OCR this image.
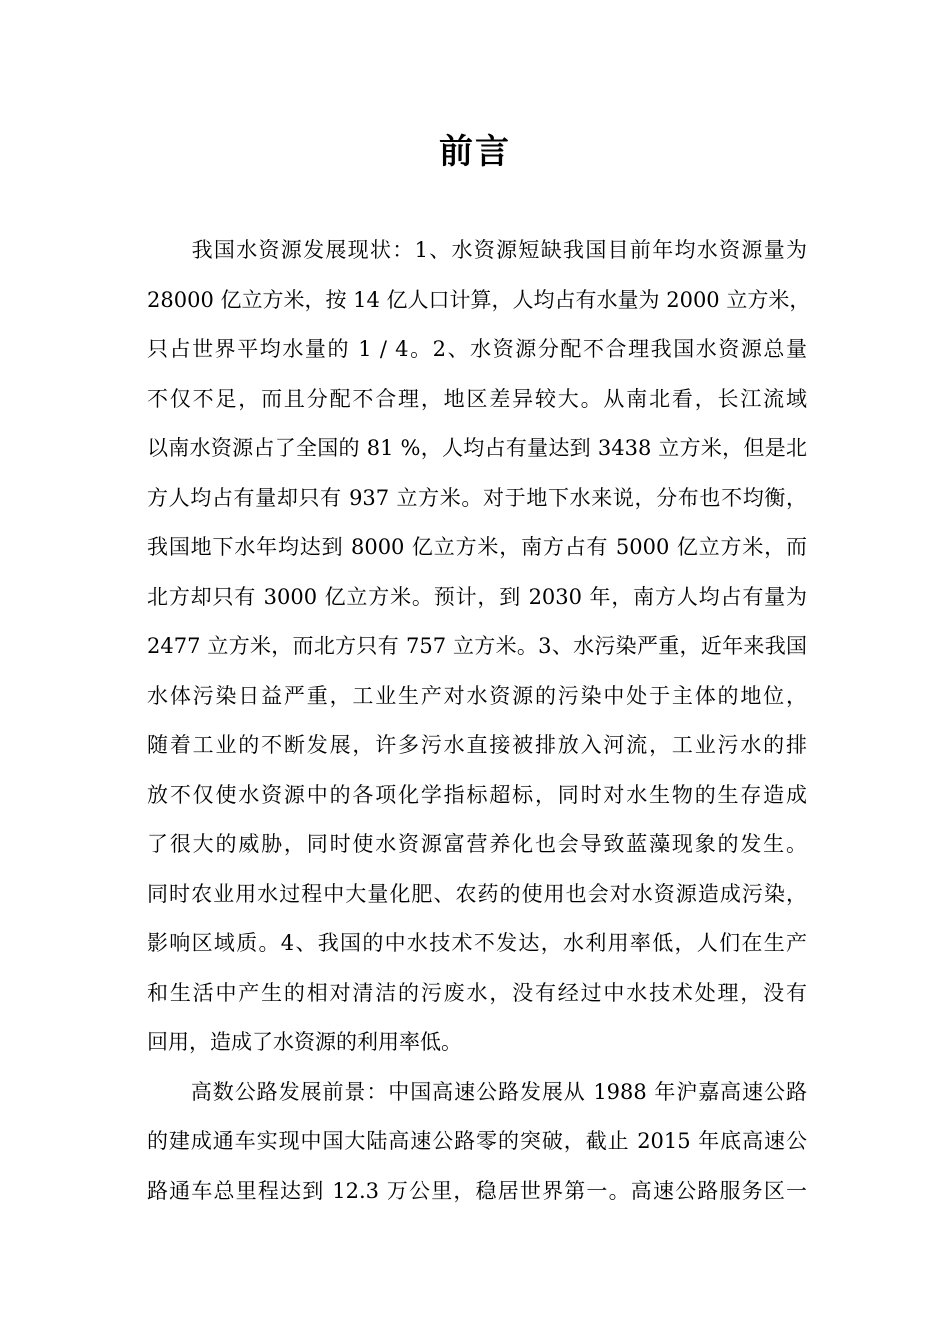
前言
　　我国水资源发展现状：1、水资源短缺我国目前年均水资源量为
28000 亿立方米，按 14 亿人口计算，人均占有水量为 2000 立方米，
只占世界平均水量的 1 / 4。2、水资源分配不合理我国水资源总量
不仅不足，而且分配不合理，地区差异较大。从南北看，长江流域
以南水资源占了全国的 81 %，人均占有量达到 3438 立方米，但是北
方人均占有量却只有 937 立方米。对于地下水来说，分布也不均衡，
我国地下水年均达到 8000 亿立方米，南方占有 5000 亿立方米，而
北方却只有 3000 亿立方米。预计，到 2030 年，南方人均占有量为
2477 立方米，而北方只有 757 立方米。3、水污染严重，近年来我国
水体污染日益严重，工业生产对水资源的污染中处于主体的地位，
随着工业的不断发展，许多污水直接被排放入河流，工业污水的排
放不仅使水资源中的各项化学指标超标，同时对水生物的生存造成
了很大的威胁，同时使水资源富营养化也会导致蓝藻现象的发生。
同时农业用水过程中大量化肥、农药的使用也会对水资源造成污染，
影响区域质。4、我国的中水技术不发达，水利用率低，人们在生产
和生活中产生的相对清洁的污废水，没有经过中水技术处理，没有
回用，造成了水资源的利用率低。
　　高数公路发展前景：中国高速公路发展从 1988 年沪嘉高速公路
的建成通车实现中国大陆高速公路零的突破，截止 2015 年底高速公
路通车总里程达到 12.3 万公里，稳居世界第一。高速公路服务区一
